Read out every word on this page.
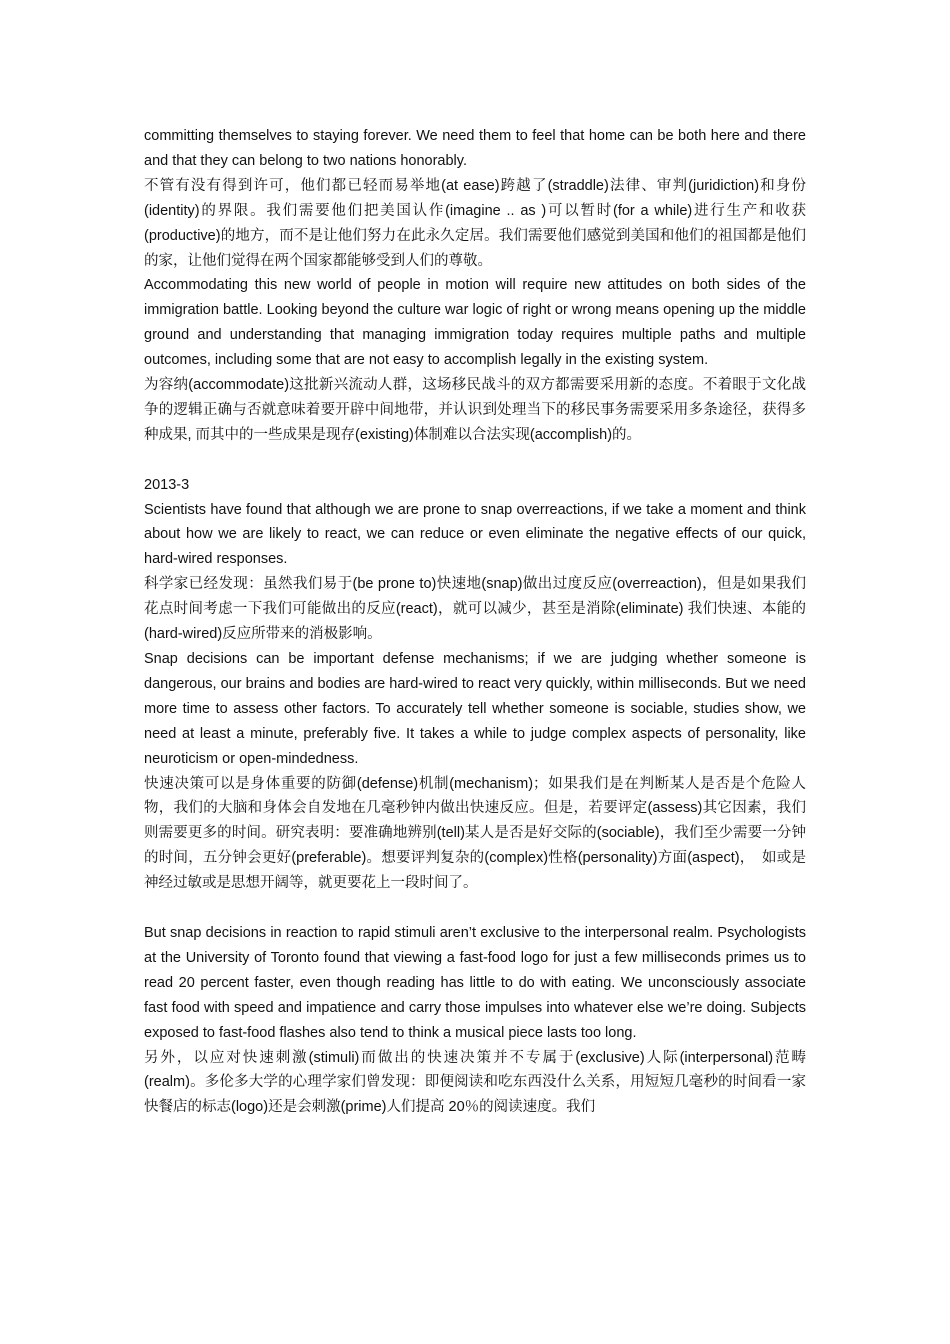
committing themselves to staying forever. We need them to feel that home can be both here and there and that they can belong to two nations honorably.

不管有没有得到许可，他们都已轻而易举地(at ease)跨越了(straddle)法律、审判(juridiction)和身份(identity)的界限。我们需要他们把美国认作(imagine .. as )可以暂时(for a while)进行生产和收获(productive)的地方，而不是让他们努力在此永久定居。我们需要他们感觉到美国和他们的祖国都是他们的家，让他们觉得在两个国家都能够受到人们的尊敬。

Accommodating this new world of people in motion will require new attitudes on both sides of the immigration battle. Looking beyond the culture war logic of right or wrong means opening up the middle ground and understanding that managing immigration today requires multiple paths and multiple outcomes, including some that are not easy to accomplish legally in the existing system.

为容纳(accommodate)这批新兴流动人群，这场移民战斗的双方都需要采用新的态度。不着眼于文化战争的逻辑正确与否就意味着要开辟中间地带，并认识到处理当下的移民事务需要采用多条途径，获得多种成果, 而其中的一些成果是现存(existing)体制难以合法实现(accomplish)的。

2013-3

Scientists have found that although we are prone to snap overreactions, if we take a moment and think about how we are likely to react, we can reduce or even eliminate the negative effects of our quick, hard-wired responses.

科学家已经发现：虽然我们易于(be prone to)快速地(snap)做出过度反应(overreaction)，但是如果我们花点时间考虑一下我们可能做出的反应(react)，就可以减少，甚至是消除(eliminate) 我们快速、本能的(hard-wired)反应所带来的消极影响。

Snap decisions can be important defense mechanisms; if we are judging whether someone is dangerous, our brains and bodies are hard-wired to react very quickly, within milliseconds. But we need more time to assess other factors. To accurately tell whether someone is sociable, studies show, we need at least a minute, preferably five. It takes a while to judge complex aspects of personality, like neuroticism or open-mindedness.

快速决策可以是身体重要的防御(defense)机制(mechanism)；如果我们是在判断某人是否是个危险人物，我们的大脑和身体会自发地在几毫秒钟内做出快速反应。但是，若要评定(assess)其它因素，我们则需要更多的时间。研究表明：要准确地辨别(tell)某人是否是好交际的(sociable)，我们至少需要一分钟的时间，五分钟会更好(preferable)。想要评判复杂的(complex)性格(personality)方面(aspect)，　如或是神经过敏或是思想开阔等，就更要花上一段时间了。

But snap decisions in reaction to rapid stimuli aren’t exclusive to the interpersonal realm. Psychologists at the University of Toronto found that viewing a fast-food logo for just a few milliseconds primes us to read 20 percent faster, even though reading has little to do with eating. We unconsciously associate fast food with speed and impatience and carry those impulses into whatever else we’re doing. Subjects exposed to fast-food flashes also tend to think a musical piece lasts too long.

另外，以应对快速刺激(stimuli)而做出的快速决策并不专属于(exclusive)人际(interpersonal)范畴(realm)。多伦多大学的心理学家们曾发现：即便阅读和吃东西没什么关系，用短短几毫秒的时间看一家快餐店的标志(logo)还是会刺激(prime)人们提高 20％的阅读速度。我们
